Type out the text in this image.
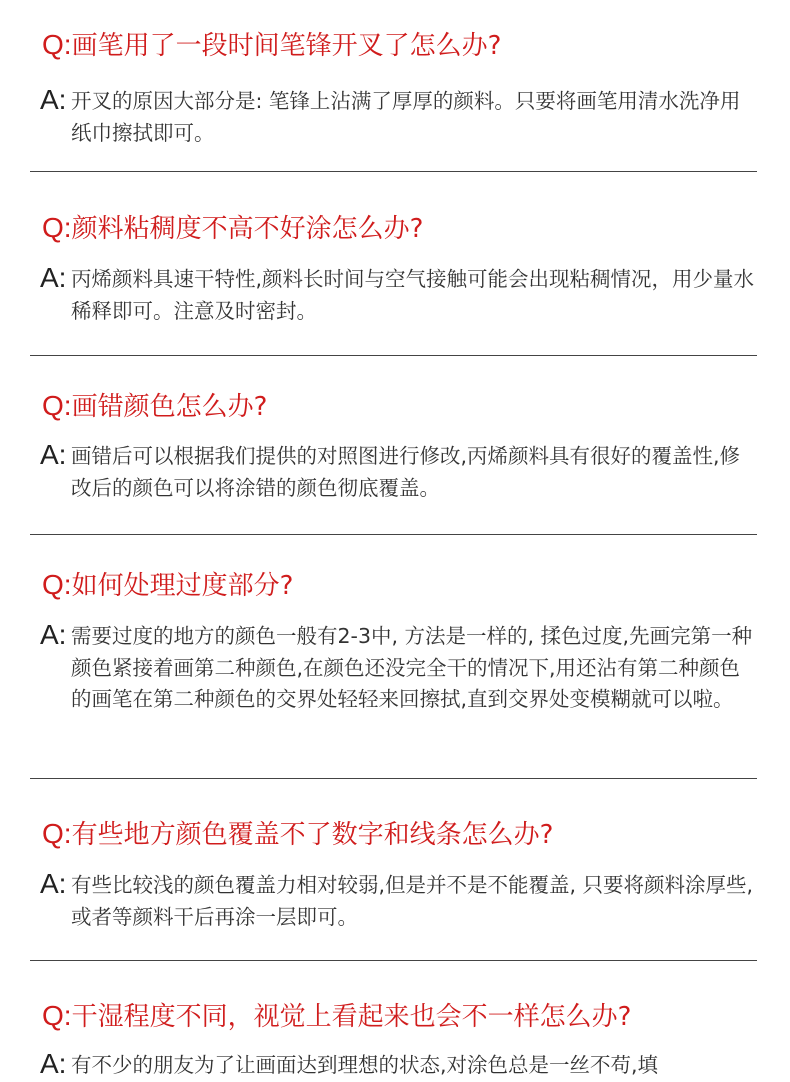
Q:画笔用了一段时间笔锋开叉了怎么办?
A: 开叉的原因大部分是: 笔锋上沾满了厚厚的颜料。只要将画笔用清水洗净用纸巾擦拭即可。
Q:颜料粘稠度不高不好涂怎么办?
A: 丙烯颜料具速干特性,颜料长时间与空气接触可能会出现粘稠情况，用少量水稀释即可。注意及时密封。
Q:画错颜色怎么办?
A: 画错后可以根据我们提供的对照图进行修改,丙烯颜料具有很好的覆盖性,修改后的颜色可以将涂错的颜色彻底覆盖。
Q:如何处理过度部分?
A: 需要过度的地方的颜色一般有2-3中, 方法是一样的, 揉色过度,先画完第一种颜色紧接着画第二种颜色,在颜色还没完全干的情况下,用还沾有第二种颜色的画笔在第二种颜色的交界处轻轻来回擦拭,直到交界处变模糊就可以啦。
Q:有些地方颜色覆盖不了数字和线条怎么办?
A: 有些比较浅的颜色覆盖力相对较弱,但是并不是不能覆盖, 只要将颜料涂厚些,或者等颜料干后再涂一层即可。
Q:干湿程度不同，视觉上看起来也会不一样怎么办?
A: 有不少的朋友为了让画面达到理想的状态,对涂色总是一丝不苟,填
